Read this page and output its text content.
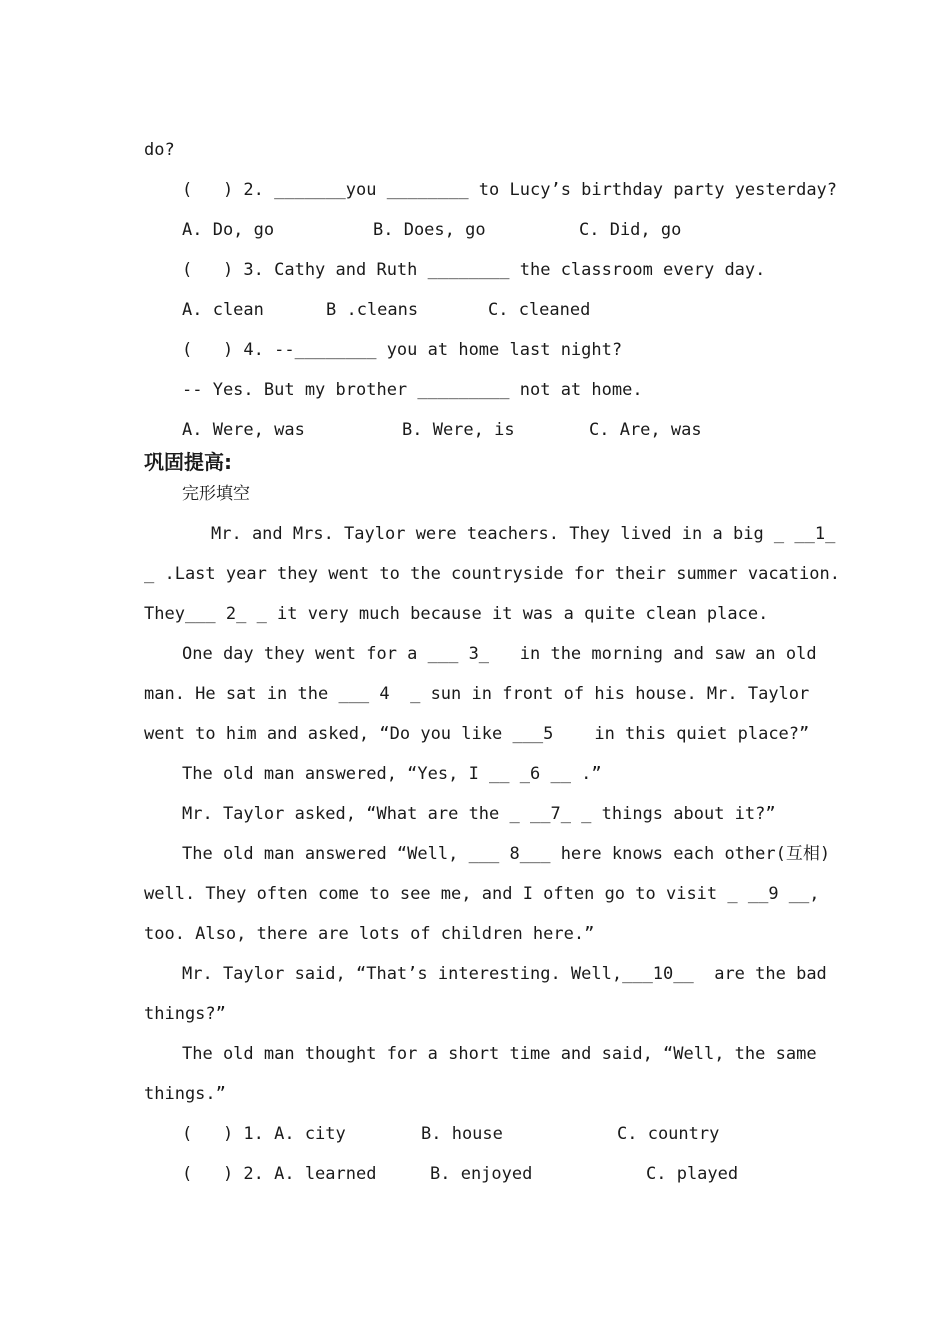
do?
(   ) 2. _______you ________ to Lucy’s birthday party yesterday?
A. Do, go	B. Does, go	C. Did, go
(   ) 3. Cathy and Ruth ________ the classroom every day.
A. clean	B .cleans	C. cleaned
(   ) 4. --________ you at home last night?
-- Yes. But my brother _________ not at home.
A. Were, was	B. Were, is	C. Are, was
巩固提高:
完形填空
Mr. and Mrs. Taylor were teachers. They lived in a big _ __1_
_ .Last year they went to the countryside for their summer vacation.
They___ 2_ _ it very much because it was a quite clean place.
One day they went for a ___ 3_   in the morning and saw an old
man. He sat in the ___ 4  _ sun in front of his house. Mr. Taylor
went to him and asked, “Do you like ___5    in this quiet place?”
The old man answered, “Yes, I __ _6 __ .”
Mr. Taylor asked, “What are the _ __7_ _ things about it?”
The old man answered “Well, ___ 8___ here knows each other(互相)
well. They often come to see me, and I often go to visit _ __9 __,
too. Also, there are lots of children here.”
Mr. Taylor said, “That’s interesting. Well,___10__  are the bad
things?”
The old man thought for a short time and said, “Well, the same
things.”
(   ) 1. A. city	B. house	C. country
(   ) 2. A. learned	B. enjoyed	C. played
